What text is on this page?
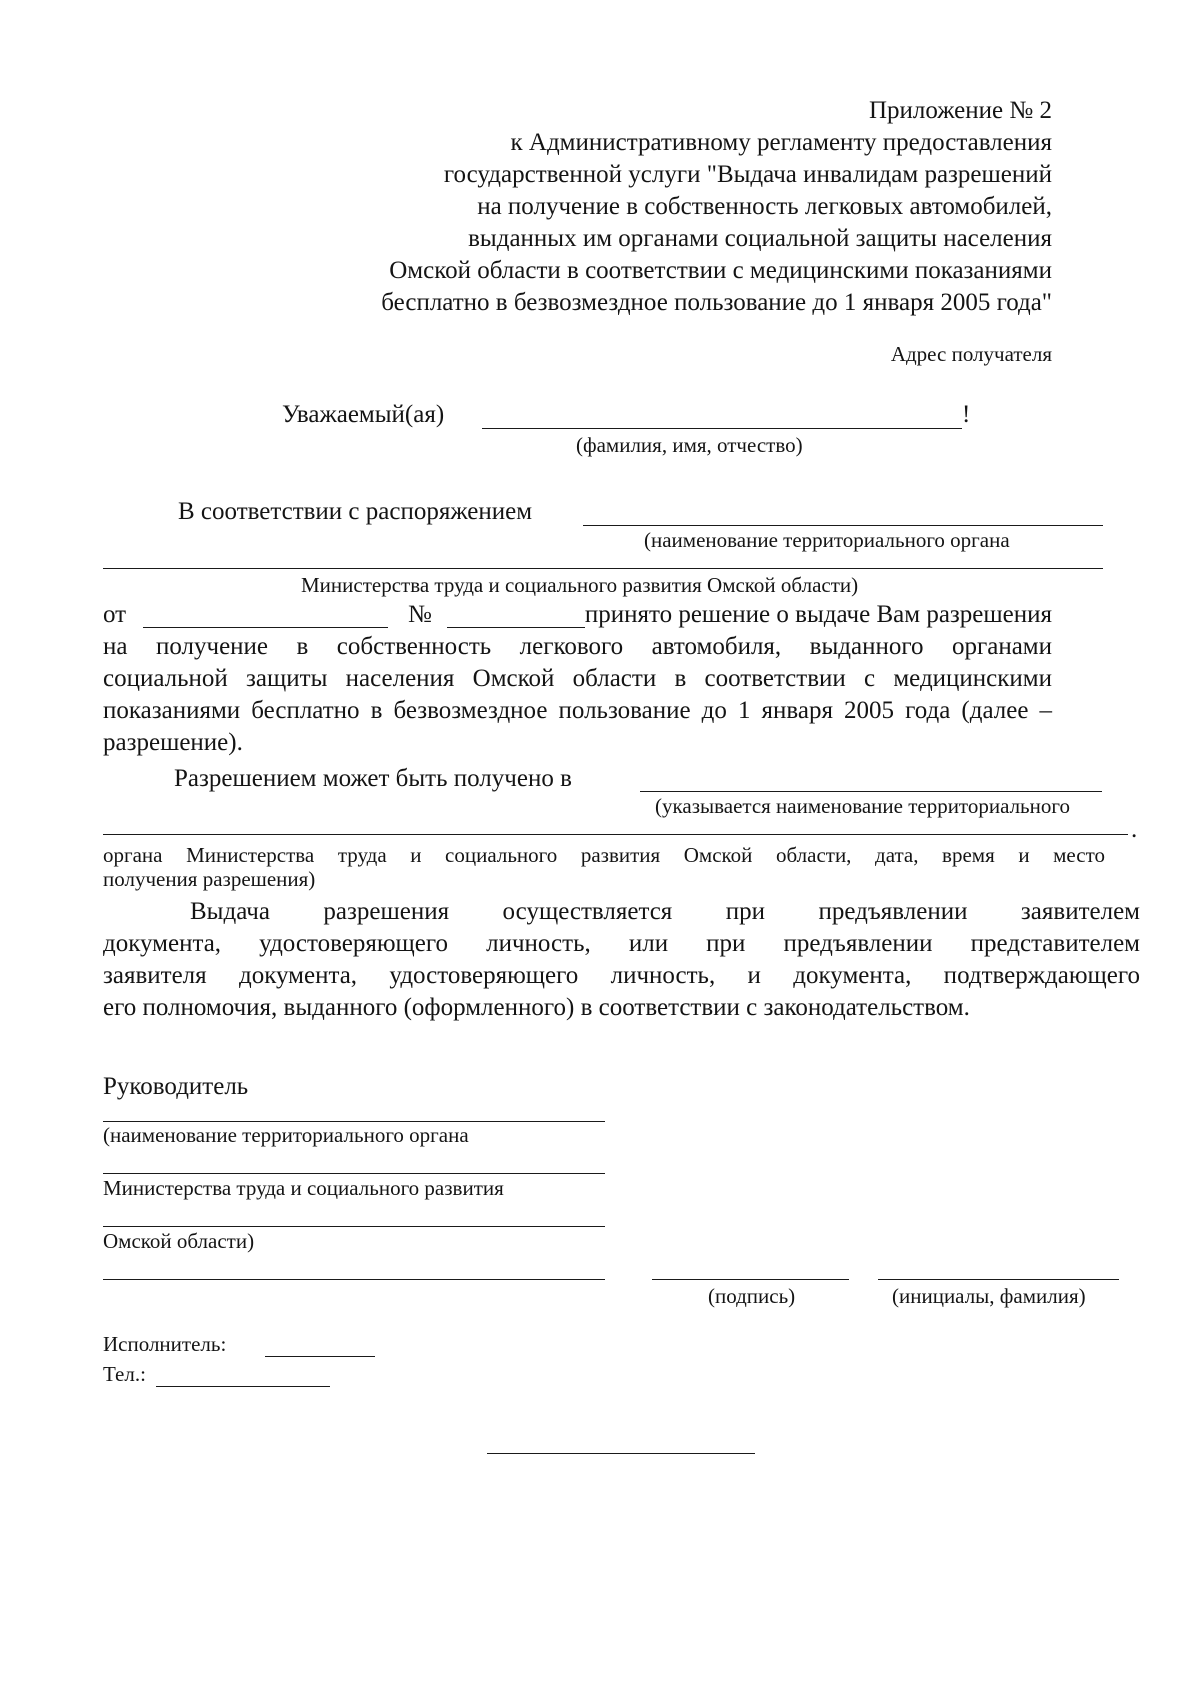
Приложение № 2
к Административному регламенту предоставления
государственной услуги "Выдача инвалидам разрешений
на получение в собственность легковых автомобилей,
выданных им органами социальной защиты населения
Омской области в соответствии с медицинскими показаниями
бесплатно в безвозмездное пользование до 1 января 2005 года"
Адрес получателя
Уважаемый(ая)	!
(фамилия, имя, отчество)
В соответствии с распоряжением
(наименование территориального органа
Министерства труда и социального развития Омской области)
от	№	принято решение о выдаче Вам разрешения
на получение в собственность легкового автомобиля, выданного органами
социальной защиты населения Омской области в соответствии с медицинскими
показаниями бесплатно в безвозмездное пользование до 1 января 2005 года (далее –
разрешение).
Разрешением может быть получено в
(указывается наименование территориального
.
органа Министерства труда и социального развития Омской области, дата, время и место
получения разрешения)
Выдача разрешения осуществляется при предъявлении заявителем
документа, удостоверяющего личность, или при предъявлении представителем
заявителя документа, удостоверяющего личность, и документа, подтверждающего
его полномочия, выданного (оформленного) в соответствии с законодательством.
Руководитель
(наименование территориального органа
Министерства труда и социального развития
Омской области)
(подпись)	(инициалы, фамилия)
Исполнитель:
Тел.:
